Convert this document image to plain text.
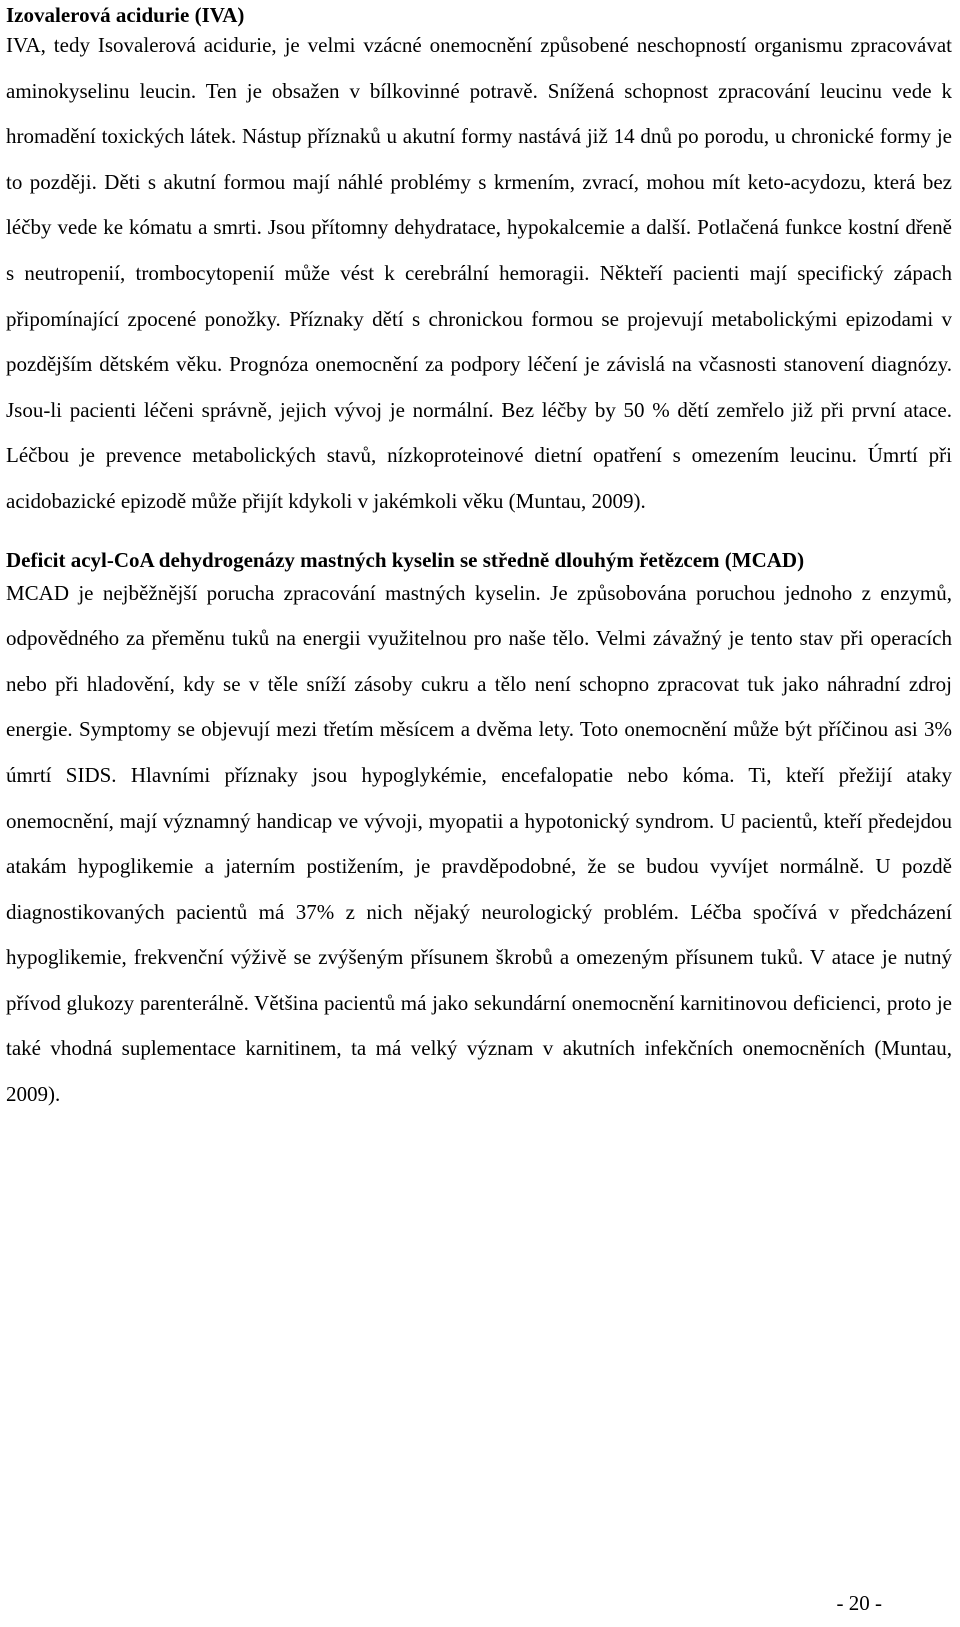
Izovalerová acidurie (IVA)

IVA, tedy Isovalerová acidurie, je velmi vzácné onemocnění způsobené neschopností organismu zpracovávat aminokyselinu leucin. Ten je obsažen v bílkovinné potravě. Snížená schopnost zpracování leucinu vede k hromadění toxických látek. Nástup příznaků u akutní formy nastává již 14 dnů po porodu, u chronické formy je to později. Děti s akutní formou mají náhlé problémy s krmením, zvrací, mohou mít keto-acydozu, která bez léčby vede ke kómatu a smrti. Jsou přítomny dehydratace, hypokalcemie a další. Potlačená funkce kostní dřeně s neutropenií, trombocytopenií může vést k cerebrální hemoragii. Někteří pacienti mají specifický zápach připomínající zpocené ponožky. Příznaky dětí s chronickou formou se projevují metabolickými epizodami v pozdějším dětském věku. Prognóza onemocnění za podpory léčení je závislá na včasnosti stanovení diagnózy. Jsou-li pacienti léčeni správně, jejich vývoj je normální. Bez léčby by 50 % dětí zemřelo již při první atace. Léčbou je prevence metabolických stavů, nízkoproteinové dietní opatření s omezením leucinu. Úmrtí při acidobazické epizodě může přijít kdykoli v jakémkoli věku (Muntau, 2009).

Deficit acyl-CoA dehydrogenázy mastných kyselin se středně dlouhým řetězcem (MCAD)

MCAD je nejběžnější porucha zpracování mastných kyselin. Je způsobována poruchou jednoho z enzymů, odpovědného za přeměnu tuků na energii využitelnou pro naše tělo. Velmi závažný je tento stav při operacích nebo při hladovění, kdy se v těle sníží zásoby cukru a tělo není schopno zpracovat tuk jako náhradní zdroj energie. Symptomy se objevují mezi třetím měsícem a dvěma lety. Toto onemocnění může být příčinou asi 3% úmrtí SIDS. Hlavními příznaky jsou hypoglykémie, encefalopatie nebo kóma. Ti, kteří přežijí ataky onemocnění, mají významný handicap ve vývoji, myopatii a hypotonický syndrom. U pacientů, kteří předejdou atakám hypoglikemie a jaterním postižením, je pravděpodobné, že se budou vyvíjet normálně. U pozdě diagnostikovaných pacientů má 37% z nich nějaký neurologický problém. Léčba spočívá v předcházení hypoglikemie, frekvenční výživě se zvýšeným přísunem škrobů a omezeným přísunem tuků. V atace je nutný přívod glukozy parenterálně. Většina pacientů má jako sekundární onemocnění karnitinovou deficienci, proto je také vhodná suplementace karnitinem, ta má velký význam v akutních infekčních onemocněních (Muntau, 2009).

- 20 -
